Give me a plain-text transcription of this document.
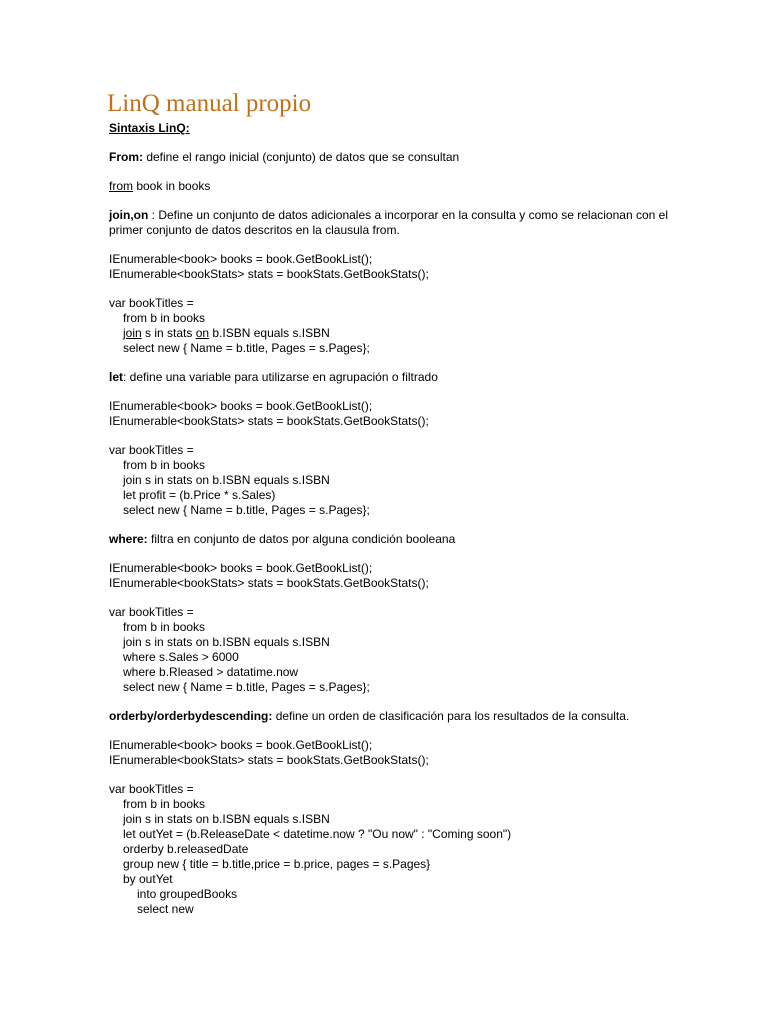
LinQ manual propio
Sintaxis LinQ:
From: define el rango inicial (conjunto) de datos que se consultan
from book in books
join,on : Define un conjunto de datos adicionales a incorporar en la consulta y como se relacionan con el primer conjunto de datos descritos en la clausula from.
IEnumerable<book> books = book.GetBookList();
IEnumerable<bookStats> stats = bookStats.GetBookStats();
var bookTitles =
from b in books
join s in stats on b.ISBN equals s.ISBN
select new { Name = b.title, Pages = s.Pages};
let: define una variable para utilizarse en agrupación o filtrado
IEnumerable<book> books = book.GetBookList();
IEnumerable<bookStats> stats = bookStats.GetBookStats();
var bookTitles =
from b in books
join s in stats on b.ISBN equals s.ISBN
let profit = (b.Price * s.Sales)
select new { Name = b.title, Pages = s.Pages};
where: filtra en conjunto de datos por alguna condición booleana
IEnumerable<book> books = book.GetBookList();
IEnumerable<bookStats> stats = bookStats.GetBookStats();
var bookTitles =
from b in books
join s in stats on b.ISBN equals s.ISBN
where s.Sales > 6000
where b.Rleased > datatime.now
select new { Name = b.title, Pages = s.Pages};
orderby/orderbydescending: define un orden de clasificación para los resultados de la consulta.
IEnumerable<book> books = book.GetBookList();
IEnumerable<bookStats> stats = bookStats.GetBookStats();
var bookTitles =
from b in books
join s in stats on b.ISBN equals s.ISBN
let outYet = (b.ReleaseDate < datetime.now ? "Ou now" : "Coming soon")
orderby b.releasedDate
group new { title = b.title,price = b.price, pages = s.Pages}
by outYet
into groupedBooks
select new
